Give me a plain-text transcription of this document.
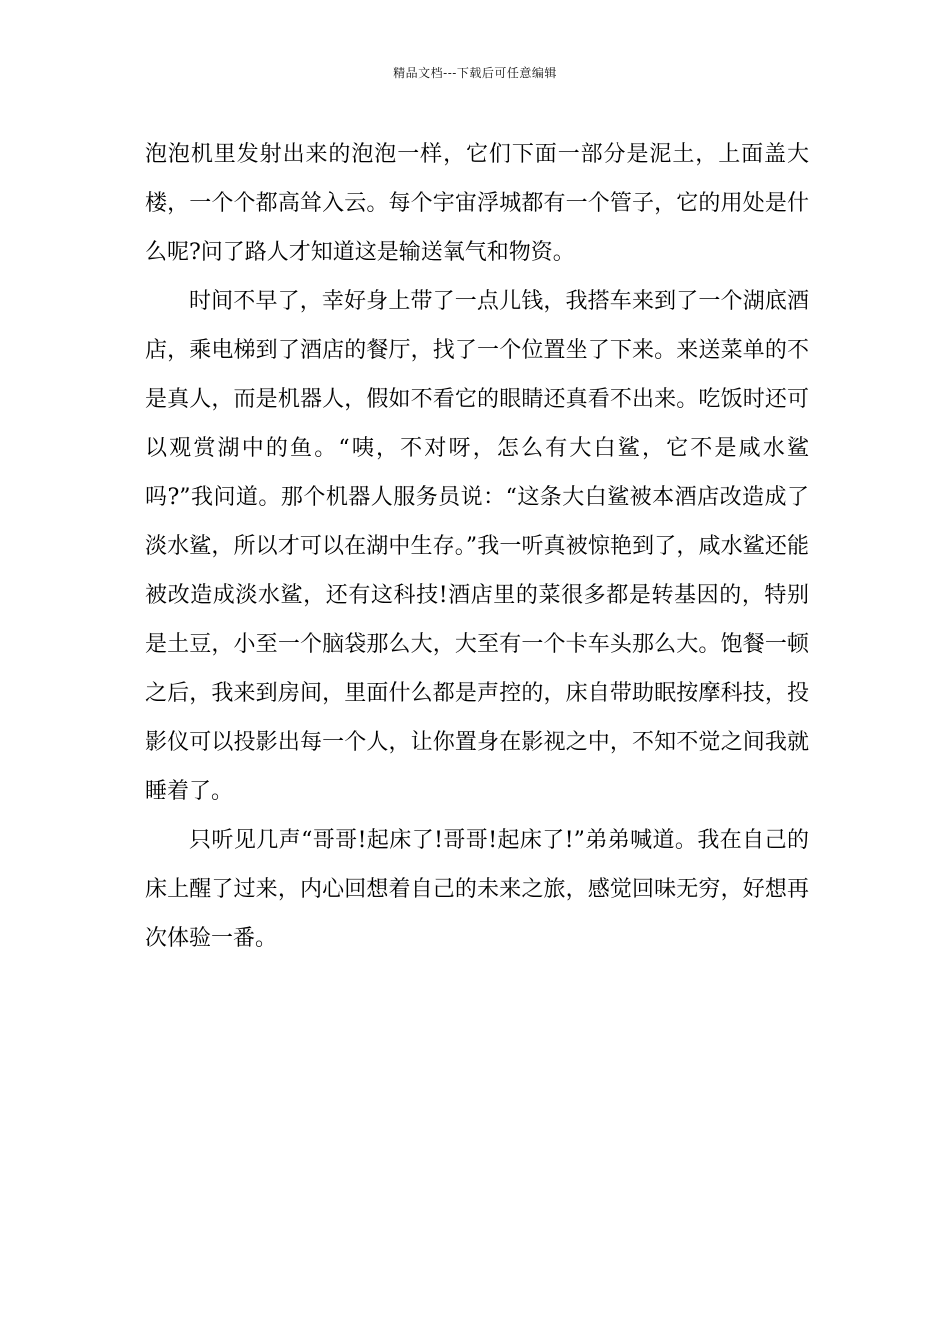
精品文档---下载后可任意编辑

泡泡机里发射出来的泡泡一样，它们下面一部分是泥土，上面盖大楼，一个个都高耸入云。每个宇宙浮城都有一个管子，它的用处是什么呢?问了路人才知道这是输送氧气和物资。

时间不早了，幸好身上带了一点儿钱，我搭车来到了一个湖底酒店，乘电梯到了酒店的餐厅，找了一个位置坐了下来。来送菜单的不是真人，而是机器人，假如不看它的眼睛还真看不出来。吃饭时还可以观赏湖中的鱼。“咦，不对呀，怎么有大白鲨，它不是咸水鲨吗?”我问道。那个机器人服务员说：“这条大白鲨被本酒店改造成了淡水鲨，所以才可以在湖中生存。”我一听真被惊艳到了，咸水鲨还能被改造成淡水鲨，还有这科技!酒店里的菜很多都是转基因的，特别是土豆，小至一个脑袋那么大，大至有一个卡车头那么大。饱餐一顿之后，我来到房间，里面什么都是声控的，床自带助眠按摩科技，投影仪可以投影出每一个人，让你置身在影视之中，不知不觉之间我就睡着了。

只听见几声“哥哥!起床了!哥哥!起床了!”弟弟喊道。我在自己的床上醒了过来，内心回想着自己的未来之旅，感觉回味无穷，好想再次体验一番。
